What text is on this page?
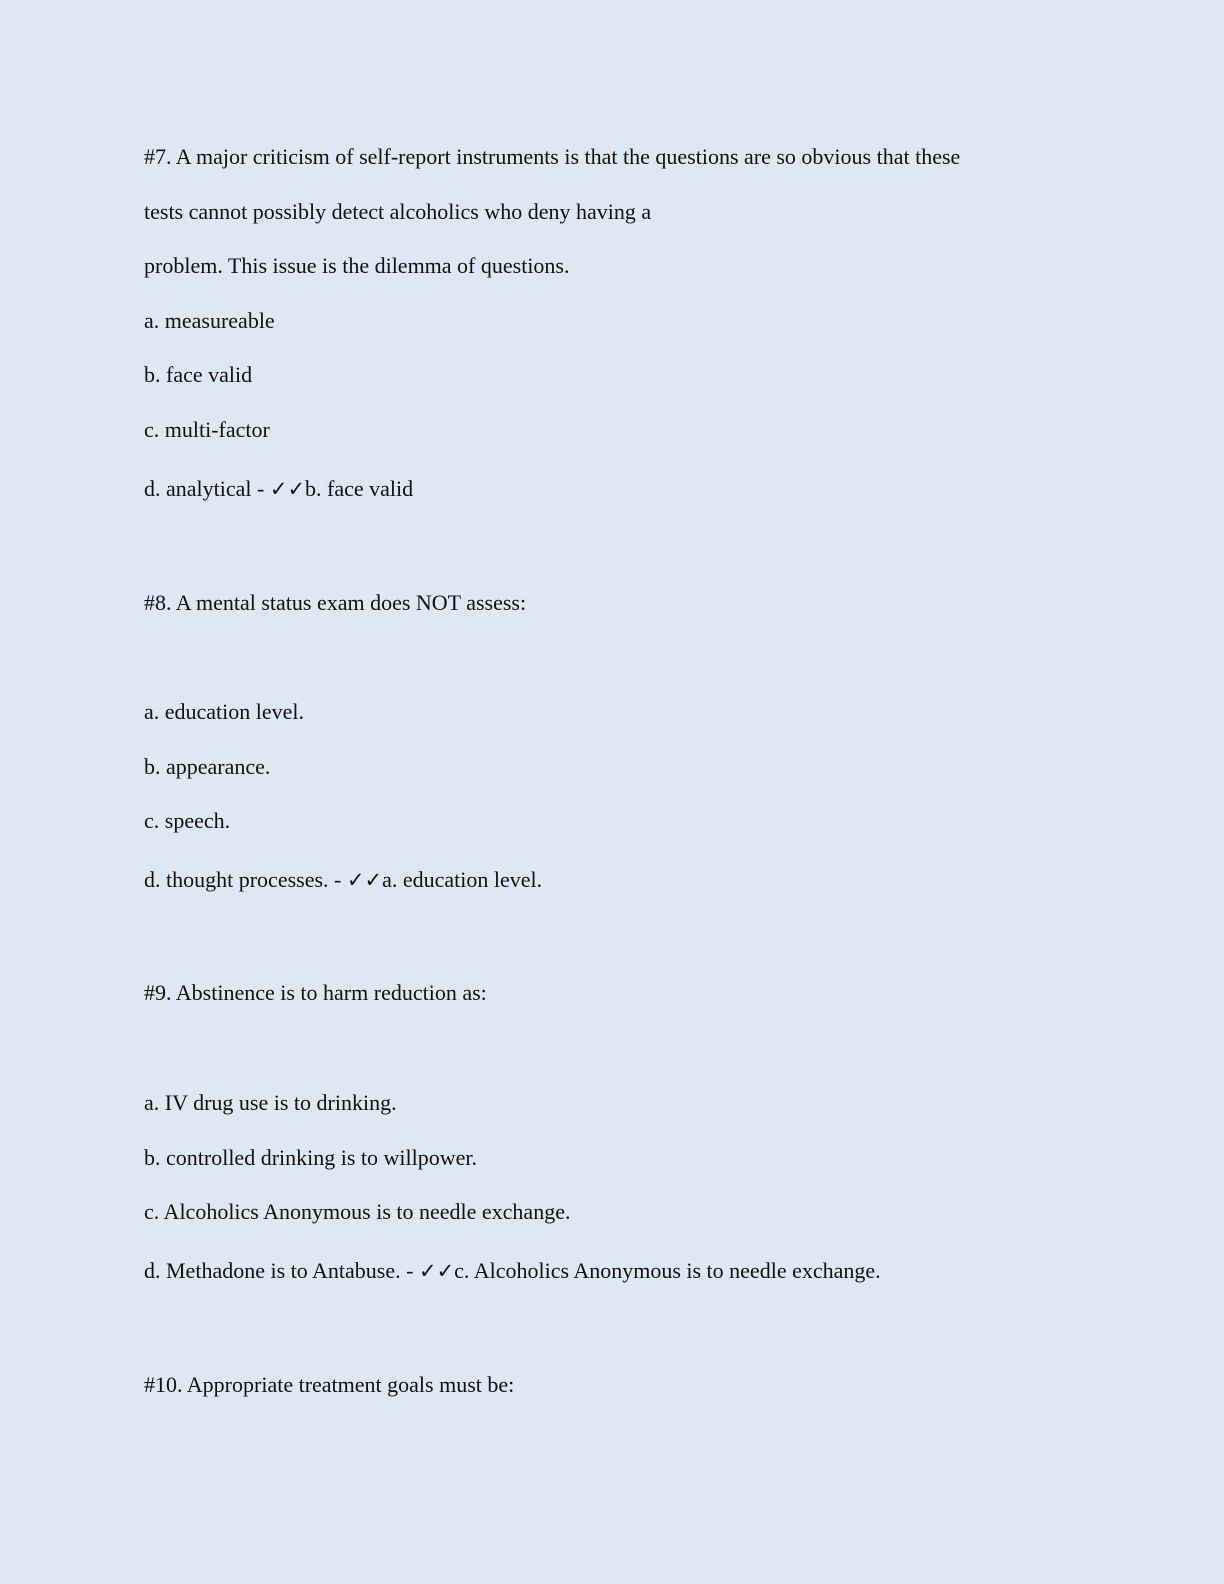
#7. A major criticism of self-report instruments is that the questions are so obvious that these
tests cannot possibly detect alcoholics who deny having a
problem. This issue is the dilemma of questions.
a. measureable
b. face valid
c. multi-factor
d. analytical - ✓✓b. face valid
#8. A mental status exam does NOT assess:
a. education level.
b. appearance.
c. speech.
d. thought processes. - ✓✓a. education level.
#9. Abstinence is to harm reduction as:
a. IV drug use is to drinking.
b. controlled drinking is to willpower.
c. Alcoholics Anonymous is to needle exchange.
d. Methadone is to Antabuse. - ✓✓c. Alcoholics Anonymous is to needle exchange.
#10. Appropriate treatment goals must be:
